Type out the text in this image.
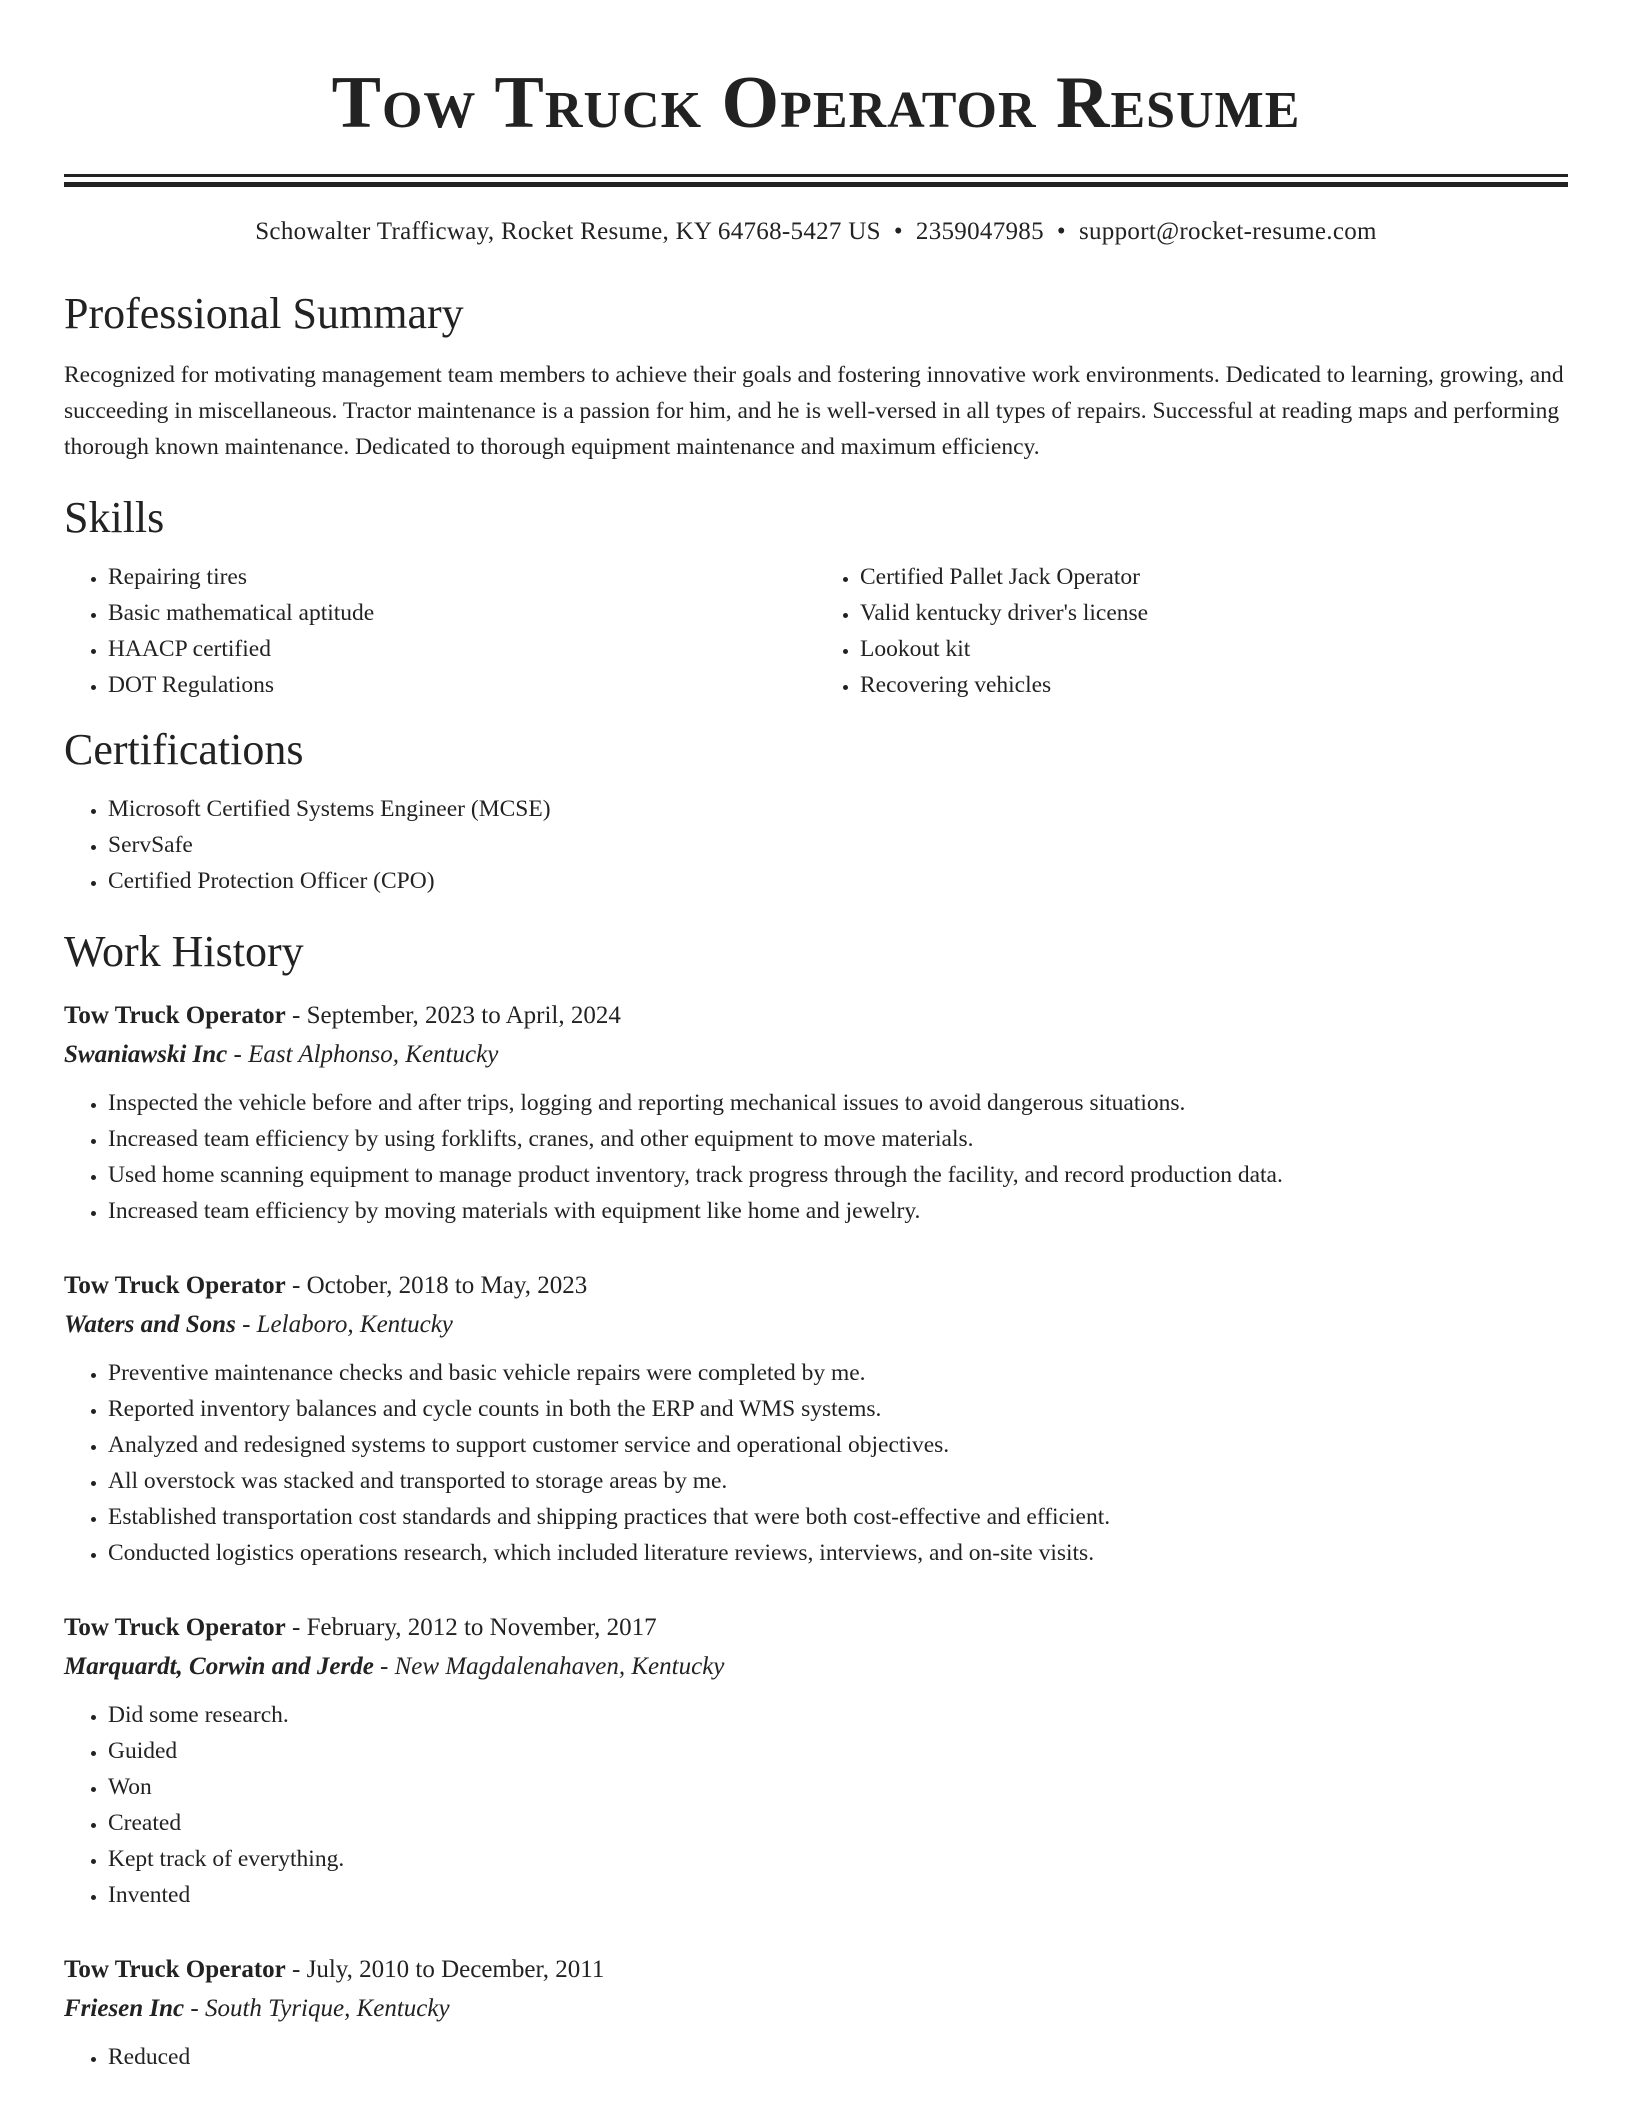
Tow Truck Operator Resume
Schowalter Trafficway, Rocket Resume, KY 64768-5427 US • 2359047985 • support@rocket-resume.com
Professional Summary
Recognized for motivating management team members to achieve their goals and fostering innovative work environments. Dedicated to learning, growing, and succeeding in miscellaneous. Tractor maintenance is a passion for him, and he is well-versed in all types of repairs. Successful at reading maps and performing thorough known maintenance. Dedicated to thorough equipment maintenance and maximum efficiency.
Skills
• Repairing tires
• Basic mathematical aptitude
• HAACP certified
• DOT Regulations
• Certified Pallet Jack Operator
• Valid kentucky driver's license
• Lookout kit
• Recovering vehicles
Certifications
• Microsoft Certified Systems Engineer (MCSE)
• ServSafe
• Certified Protection Officer (CPO)
Work History
Tow Truck Operator - September, 2023 to April, 2024
Swaniawski Inc - East Alphonso, Kentucky
• Inspected the vehicle before and after trips, logging and reporting mechanical issues to avoid dangerous situations.
• Increased team efficiency by using forklifts, cranes, and other equipment to move materials.
• Used home scanning equipment to manage product inventory, track progress through the facility, and record production data.
• Increased team efficiency by moving materials with equipment like home and jewelry.
Tow Truck Operator - October, 2018 to May, 2023
Waters and Sons - Lelaboro, Kentucky
• Preventive maintenance checks and basic vehicle repairs were completed by me.
• Reported inventory balances and cycle counts in both the ERP and WMS systems.
• Analyzed and redesigned systems to support customer service and operational objectives.
• All overstock was stacked and transported to storage areas by me.
• Established transportation cost standards and shipping practices that were both cost-effective and efficient.
• Conducted logistics operations research, which included literature reviews, interviews, and on-site visits.
Tow Truck Operator - February, 2012 to November, 2017
Marquardt, Corwin and Jerde - New Magdalenahaven, Kentucky
• Did some research.
• Guided
• Won
• Created
• Kept track of everything.
• Invented
Tow Truck Operator - July, 2010 to December, 2011
Friesen Inc - South Tyrique, Kentucky
• Reduced
